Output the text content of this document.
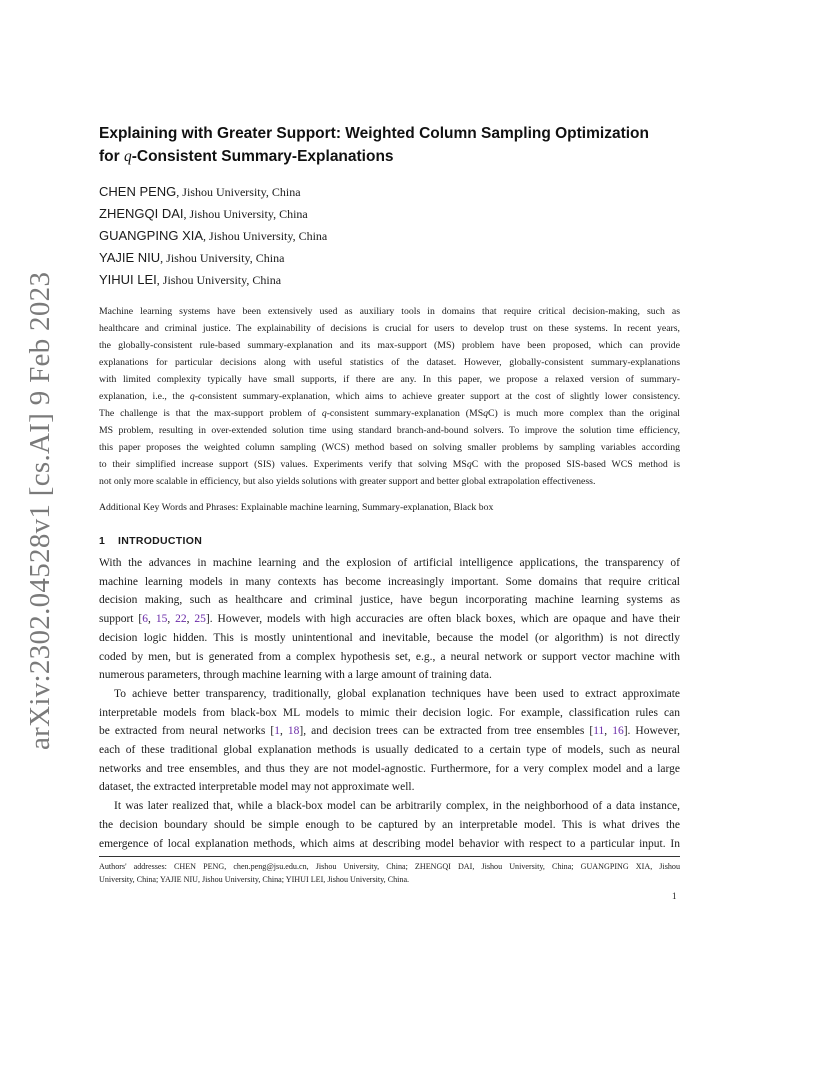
arXiv:2302.04528v1 [cs.AI] 9 Feb 2023
Explaining with Greater Support: Weighted Column Sampling Optimization
for q-Consistent Summary-Explanations
CHEN PENG, Jishou University, China
ZHENGQI DAI, Jishou University, China
GUANGPING XIA, Jishou University, China
YAJIE NIU, Jishou University, China
YIHUI LEI, Jishou University, China
Machine learning systems have been extensively used as auxiliary tools in domains that require critical decision-making, such as
healthcare and criminal justice. The explainability of decisions is crucial for users to develop trust on these systems. In recent years,
the globally-consistent rule-based summary-explanation and its max-support (MS) problem have been proposed, which can provide
explanations for particular decisions along with useful statistics of the dataset. However, globally-consistent summary-explanations
with limited complexity typically have small supports, if there are any. In this paper, we propose a relaxed version of summary-
explanation, i.e., the q-consistent summary-explanation, which aims to achieve greater support at the cost of slightly lower consistency.
The challenge is that the max-support problem of q-consistent summary-explanation (MSqC) is much more complex than the original
MS problem, resulting in over-extended solution time using standard branch-and-bound solvers. To improve the solution time efficiency,
this paper proposes the weighted column sampling (WCS) method based on solving smaller problems by sampling variables according
to their simplified increase support (SIS) values. Experiments verify that solving MSqC with the proposed SIS-based WCS method is
not only more scalable in efficiency, but also yields solutions with greater support and better global extrapolation effectiveness.
Additional Key Words and Phrases: Explainable machine learning, Summary-explanation, Black box
1 INTRODUCTION
With the advances in machine learning and the explosion of artificial intelligence applications, the transparency of
machine learning models in many contexts has become increasingly important. Some domains that require critical
decision making, such as healthcare and criminal justice, have begun incorporating machine learning systems as
support [6, 15, 22, 25]. However, models with high accuracies are often black boxes, which are opaque and have their
decision logic hidden. This is mostly unintentional and inevitable, because the model (or algorithm) is not directly
coded by men, but is generated from a complex hypothesis set, e.g., a neural network or support vector machine with
numerous parameters, through machine learning with a large amount of training data.
To achieve better transparency, traditionally, global explanation techniques have been used to extract approximate
interpretable models from black-box ML models to mimic their decision logic. For example, classification rules can
be extracted from neural networks [1, 18], and decision trees can be extracted from tree ensembles [11, 16]. However,
each of these traditional global explanation methods is usually dedicated to a certain type of models, such as neural
networks and tree ensembles, and thus they are not model-agnostic. Furthermore, for a very complex model and a large
dataset, the extracted interpretable model may not approximate well.
It was later realized that, while a black-box model can be arbitrarily complex, in the neighborhood of a data instance,
the decision boundary should be simple enough to be captured by an interpretable model. This is what drives the
emergence of local explanation methods, which aims at describing model behavior with respect to a particular input. In
Authors' addresses: CHEN PENG, chen.peng@jsu.edu.cn, Jishou University, China; ZHENGQI DAI, Jishou University, China; GUANGPING XIA, Jishou
University, China; YAJIE NIU, Jishou University, China; YIHUI LEI, Jishou University, China.
1
